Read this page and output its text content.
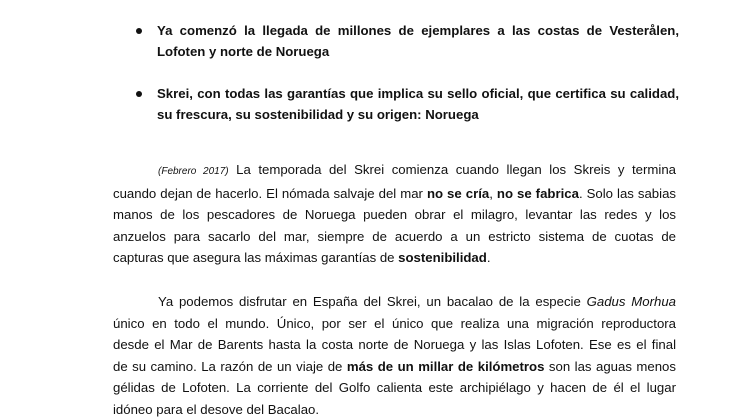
Ya comenzó la llegada de millones de ejemplares a las costas de Vesterålen, Lofoten y norte de Noruega
Skrei, con todas las garantías que implica su sello oficial, que certifica su calidad, su frescura, su sostenibilidad y su origen: Noruega
(Febrero 2017) La temporada del Skrei comienza cuando llegan los Skreis y termina
cuando dejan de hacerlo. El nómada salvaje del mar no se cría, no se fabrica. Solo las sabias
manos de los pescadores de Noruega pueden obrar el milagro, levantar las redes y los
anzuelos para sacarlo del mar, siempre de acuerdo a un estricto sistema de cuotas de
capturas que asegura las máximas garantías de sostenibilidad.
Ya podemos disfrutar en España del Skrei, un bacalao de la especie Gadus Morhua
único en todo el mundo. Único, por ser el único que realiza una migración reproductora
desde el Mar de Barents hasta la costa norte de Noruega y las Islas Lofoten. Ese es el final
de su camino. La razón de un viaje de más de un millar de kilómetros son las aguas menos
gélidas de Lofoten. La corriente del Golfo calienta este archipiélago y hacen de él el lugar
idóneo para el desove del Bacalao.
